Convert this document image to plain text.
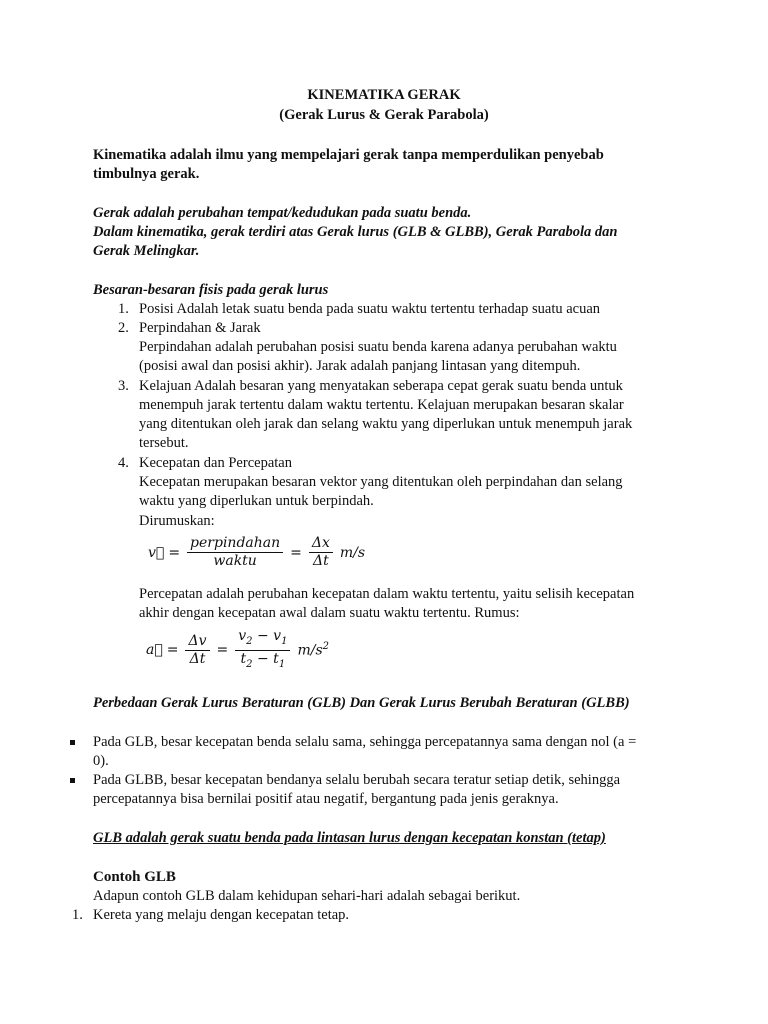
KINEMATIKA GERAK
(Gerak Lurus & Gerak Parabola)
Kinematika adalah ilmu yang mempelajari gerak tanpa memperdulikan penyebab
timbulnya gerak.
Gerak adalah perubahan tempat/kedudukan pada suatu benda.
Dalam kinematika, gerak terdiri atas Gerak lurus (GLB & GLBB), Gerak Parabola dan
Gerak Melingkar.
Besaran-besaran fisis pada gerak lurus
1. Posisi Adalah letak suatu benda pada suatu waktu tertentu terhadap suatu acuan
2. Perpindahan & Jarak
Perpindahan adalah perubahan posisi suatu benda karena adanya perubahan waktu
(posisi awal dan posisi akhir). Jarak adalah panjang lintasan yang ditempuh.
3. Kelajuan Adalah besaran yang menyatakan seberapa cepat gerak suatu benda untuk
menempuh jarak tertentu dalam waktu tertentu. Kelajuan merupakan besaran skalar
yang ditentukan oleh jarak dan selang waktu yang diperlukan untuk menempuh jarak
tersebut.
4. Kecepatan dan Percepatan
Kecepatan merupakan besaran vektor yang ditentukan oleh perpindahan dan selang
waktu yang diperlukan untuk berpindah.
Dirumuskan:
v⃗ = $\frac{\text{perpindahan}}{\text{waktu}} = \frac{\Delta x}{\Delta t} m/s$
Percepatan adalah perubahan kecepatan dalam waktu tertentu, yaitu selisih kecepatan
akhir dengan kecepatan awal dalam suatu waktu tertentu. Rumus:
a⃗ = $\frac{\Delta v}{\Delta t} = \frac{v_2 - v_1}{t_2 - t_1} m/s^2$
Perbedaan Gerak Lurus Beraturan (GLB) Dan Gerak Lurus Berubah Beraturan (GLBB)
Pada GLB, besar kecepatan benda selalu sama, sehingga percepatannya sama dengan nol (a =
0).
Pada GLBB, besar kecepatan bendanya selalu berubah secara teratur setiap detik, sehingga
percepatannya bisa bernilai positif atau negatif, bergantung pada jenis geraknya.
GLB adalah gerak suatu benda pada lintasan lurus dengan kecepatan konstan (tetap)
Contoh GLB
Adapun contoh GLB dalam kehidupan sehari-hari adalah sebagai berikut.
1. Kereta yang melaju dengan kecepatan tetap.
